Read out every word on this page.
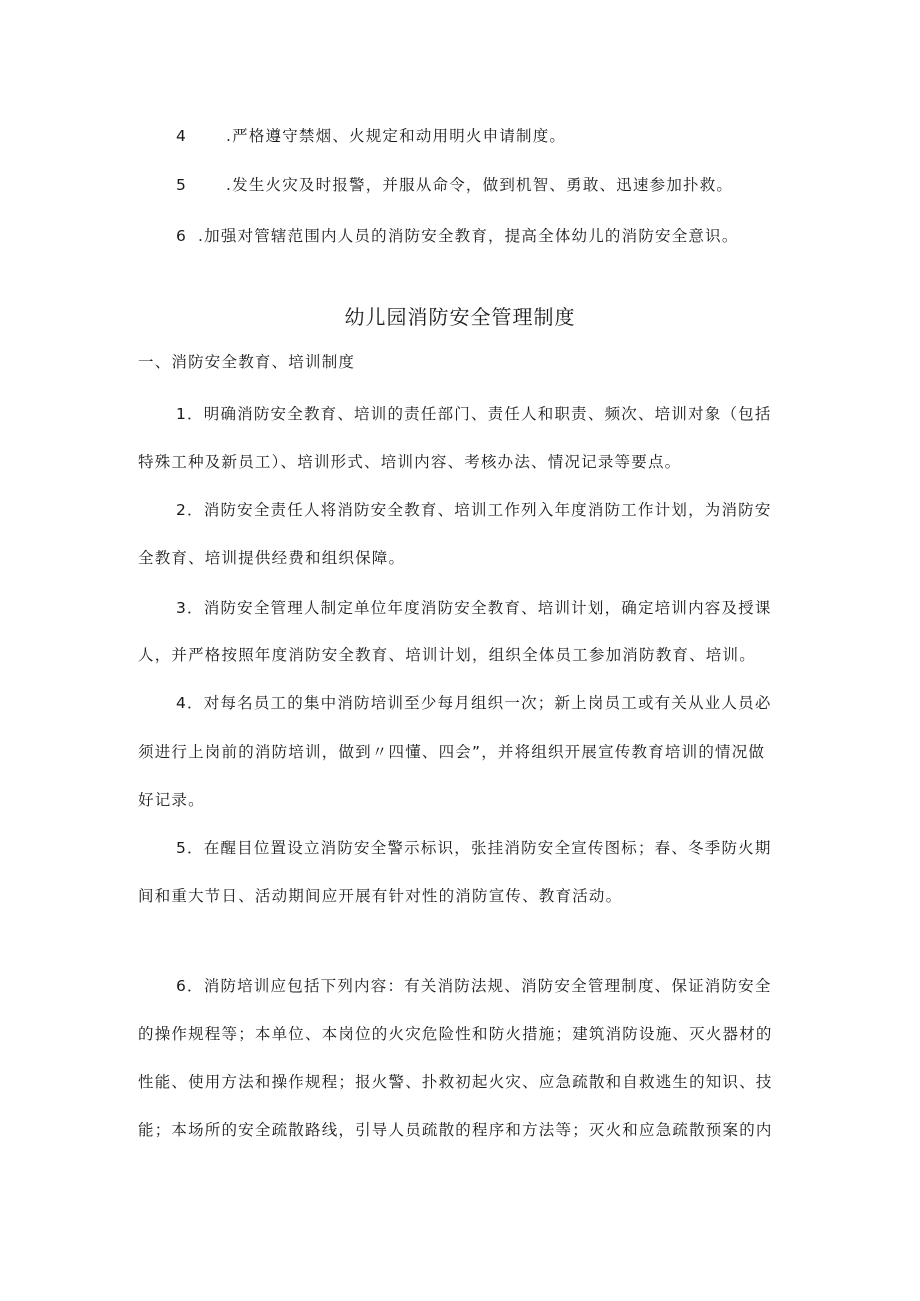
4	.严格遵守禁烟、火规定和动用明火申请制度。
5	.发生火灾及时报警，并服从命令，做到机智、勇敢、迅速参加扑救。
6 .加强对管辖范围内人员的消防安全教育，提高全体幼儿的消防安全意识。
幼儿园消防安全管理制度
一、消防安全教育、培训制度
1．明确消防安全教育、培训的责任部门、责任人和职责、频次、培训对象（包括
特殊工种及新员工）、培训形式、培训内容、考核办法、情况记录等要点。
2．消防安全责任人将消防安全教育、培训工作列入年度消防工作计划，为消防安
全教育、培训提供经费和组织保障。
3．消防安全管理人制定单位年度消防安全教育、培训计划，确定培训内容及授课
人，并严格按照年度消防安全教育、培训计划，组织全体员工参加消防教育、培训。
4．对每名员工的集中消防培训至少每月组织一次；新上岗员工或有关从业人员必
须进行上岗前的消防培训，做到〃四懂、四会”，并将组织开展宣传教育培训的情况做
好记录。
5．在醒目位置设立消防安全警示标识，张挂消防安全宣传图标；春、冬季防火期
间和重大节日、活动期间应开展有针对性的消防宣传、教育活动。
6．消防培训应包括下列内容：有关消防法规、消防安全管理制度、保证消防安全
的操作规程等；本单位、本岗位的火灾危险性和防火措施；建筑消防设施、灭火器材的
性能、使用方法和操作规程；报火警、扑救初起火灾、应急疏散和自救逃生的知识、技
能；本场所的安全疏散路线，引导人员疏散的程序和方法等；灭火和应急疏散预案的内
